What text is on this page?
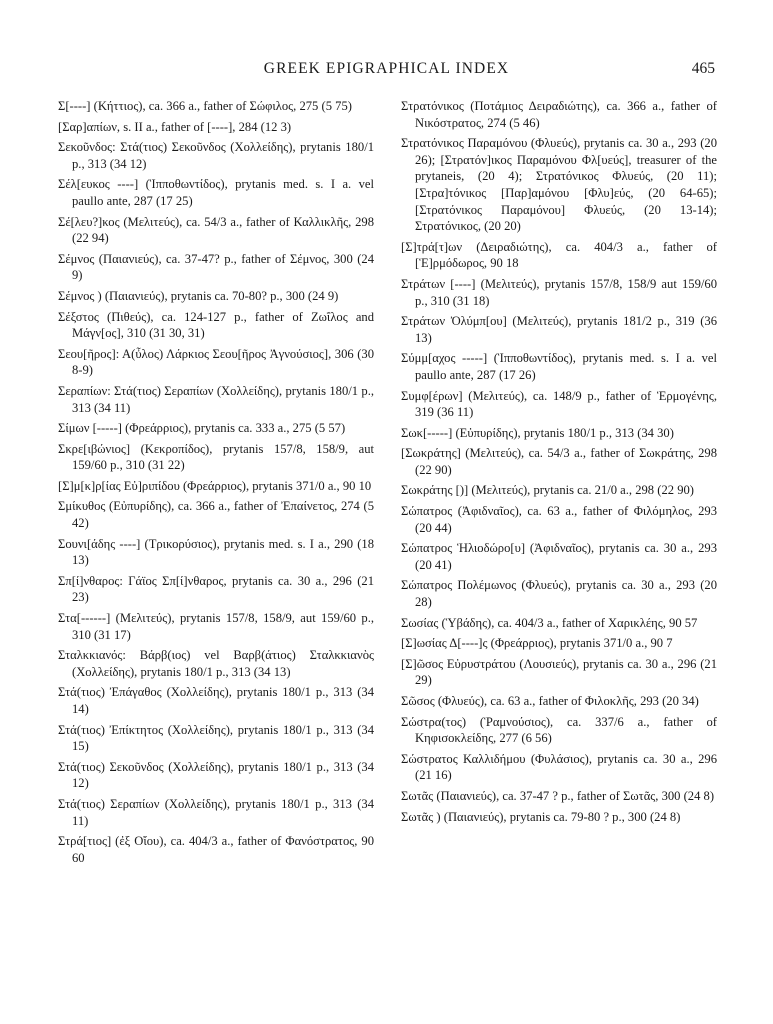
GREEK EPIGRAPHICAL INDEX	465

Σ[----] (Κήττιος), ca. 366 a., father of Σώφιλος, 275 (5 75)

[Σαρ]απίων, s. II a., father of [----], 284 (12 3)

Σεκοῦνδος: Στά(τιος) Σεκοῦνδος (Χολλείδης), prytanis 180/1 p., 313 (34 12)

Σέλ[ευκος ----] (Ἱπποθωντίδος), prytanis med. s. I a. vel paullo ante, 287 (17 25)

Σέ[λευ?]κος (Μελιτεύς), ca. 54/3 a., father of Καλλικλῆς, 298 (22 94)

Σέμνος (Παιανιεύς), ca. 37-47? p., father of Σέμνος, 300 (24 9)

Σέμνος ) (Παιανιεύς), prytanis ca. 70-80? p., 300 (24 9)

Σέξστος (Πιθεύς), ca. 124-127 p., father of Ζωΐλος and Μάγν[ος], 310 (31 30, 31)

Σεου[ῆρος]: Α(ὖλος) Λάρκιος Σεου[ῆρος Ἀγνούσιος], 306 (30 8-9)

Σεραπίων: Στά(τιος) Σεραπίων (Χολλείδης), prytanis 180/1 p., 313 (34 11)

Σίμων [-----] (Φρεάρριος), prytanis ca. 333 a., 275 (5 57)

Σκρε[ιβώνιος] (Κεκροπίδος), prytanis 157/8, 158/9, aut 159/60 p., 310 (31 22)

[Σ]μ[κ]ρ[ίας Εὐ]ριπίδου (Φρεάρριος), prytanis 371/0 a., 90 10

Σμίκυθος (Εὐπυρίδης), ca. 366 a., father of Ἐπαίνετος, 274 (5 42)

Σουνι[άδης ----] (Τρικορύσιος), prytanis med. s. I a., 290 (18 13)

Σπ[ί]νθαρος: Γάϊος Σπ[ί]νθαρος, prytanis ca. 30 a., 296 (21 23)

Στα[------] (Μελιτεύς), prytanis 157/8, 158/9, aut 159/60 p., 310 (31 17)

Σταλκκιανός: Βάρβ(ιος) vel Βαρβ(άτιος) Σταλκκιανὸς (Χολλείδης), prytanis 180/1 p., 313 (34 13)

Στά(τιος) Ἐπάγαθος (Χολλείδης), prytanis 180/1 p., 313 (34 14)

Στά(τιος) Ἐπίκτητος (Χολλείδης), prytanis 180/1 p., 313 (34 15)

Στά(τιος) Σεκοῦνδος (Χολλείδης), prytanis 180/1 p., 313 (34 12)

Στά(τιος) Σεραπίων (Χολλείδης), prytanis 180/1 p., 313 (34 11)

Στρά[τιος] (ἐξ Οἴου), ca. 404/3 a., father of Φανόστρατος, 90 60

Στρατόνικος (Ποτάμιος Δειραδιώτης), ca. 366 a., father of Νικόστρατος, 274 (5 46)

Στρατόνικος Παραμόνου (Φλυεύς), prytanis ca. 30 a., 293 (20 26); [Στρατόν]ικος Παραμόνου Φλ[υεύς], treasurer of the prytaneis, (20 4); Στρατόνικος Φλυεύς, (20 11); [Στρα]τόνικος [Παρ]αμόνου [Φλυ]εύς, (20 64-65); [Στρατόνικος Παραμόνου] Φλυεύς, (20 13-14); Στρατόνικος, (20 20)

[Σ]τρά[τ]ων (Δειραδιώτης), ca. 404/3 a., father of [Ἑ]ρμόδωρος, 90 18

Στράτων [----] (Μελιτεύς), prytanis 157/8, 158/9 aut 159/60 p., 310 (31 18)

Στράτων Ὀλύμπ[ου] (Μελιτεύς), prytanis 181/2 p., 319 (36 13)

Σύμμ[αχος -----] (Ἱπποθωντίδος), prytanis med. s. I a. vel paullo ante, 287 (17 26)

Συμφ[έρων] (Μελιτεύς), ca. 148/9 p., father of Ἑρμογένης, 319 (36 11)

Σωκ[-----] (Εὐπυρίδης), prytanis 180/1 p., 313 (34 30)

[Σωκράτης] (Μελιτεύς), ca. 54/3 a., father of Σωκράτης, 298 (22 90)

Σωκράτης [)] (Μελιτεύς), prytanis ca. 21/0 a., 298 (22 90)

Σώπατρος (Ἀφιδναῖος), ca. 63 a., father of Φιλόμηλος, 293 (20 44)

Σώπατρος Ἡλιοδώρο[υ] (Ἀφιδναῖος), prytanis ca. 30 a., 293 (20 41)

Σώπατρος Πολέμωνος (Φλυεύς), prytanis ca. 30 a., 293 (20 28)

Σωσίας (Ὑβάδης), ca. 404/3 a., father of Χαρικλέης, 90 57

[Σ]ωσίας Δ[----]ς (Φρεάρριος), prytanis 371/0 a., 90 7

[Σ]ῶσος Εὐρυστράτου (Λουσιεύς), prytanis ca. 30 a., 296 (21 29)

Σῶσος (Φλυεύς), ca. 63 a., father of Φιλοκλῆς, 293 (20 34)

Σώστρα(τος) (Ῥαμνούσιος), ca. 337/6 a., father of Κηφισοκλείδης, 277 (6 56)

Σώστρατος Καλλιδήμου (Φυλάσιος), prytanis ca. 30 a., 296 (21 16)

Σωτᾶς (Παιανιεύς), ca. 37-47 ? p., father of Σωτᾶς, 300 (24 8)

Σωτᾶς ) (Παιανιεύς), prytanis ca. 79-80 ? p., 300 (24 8)
